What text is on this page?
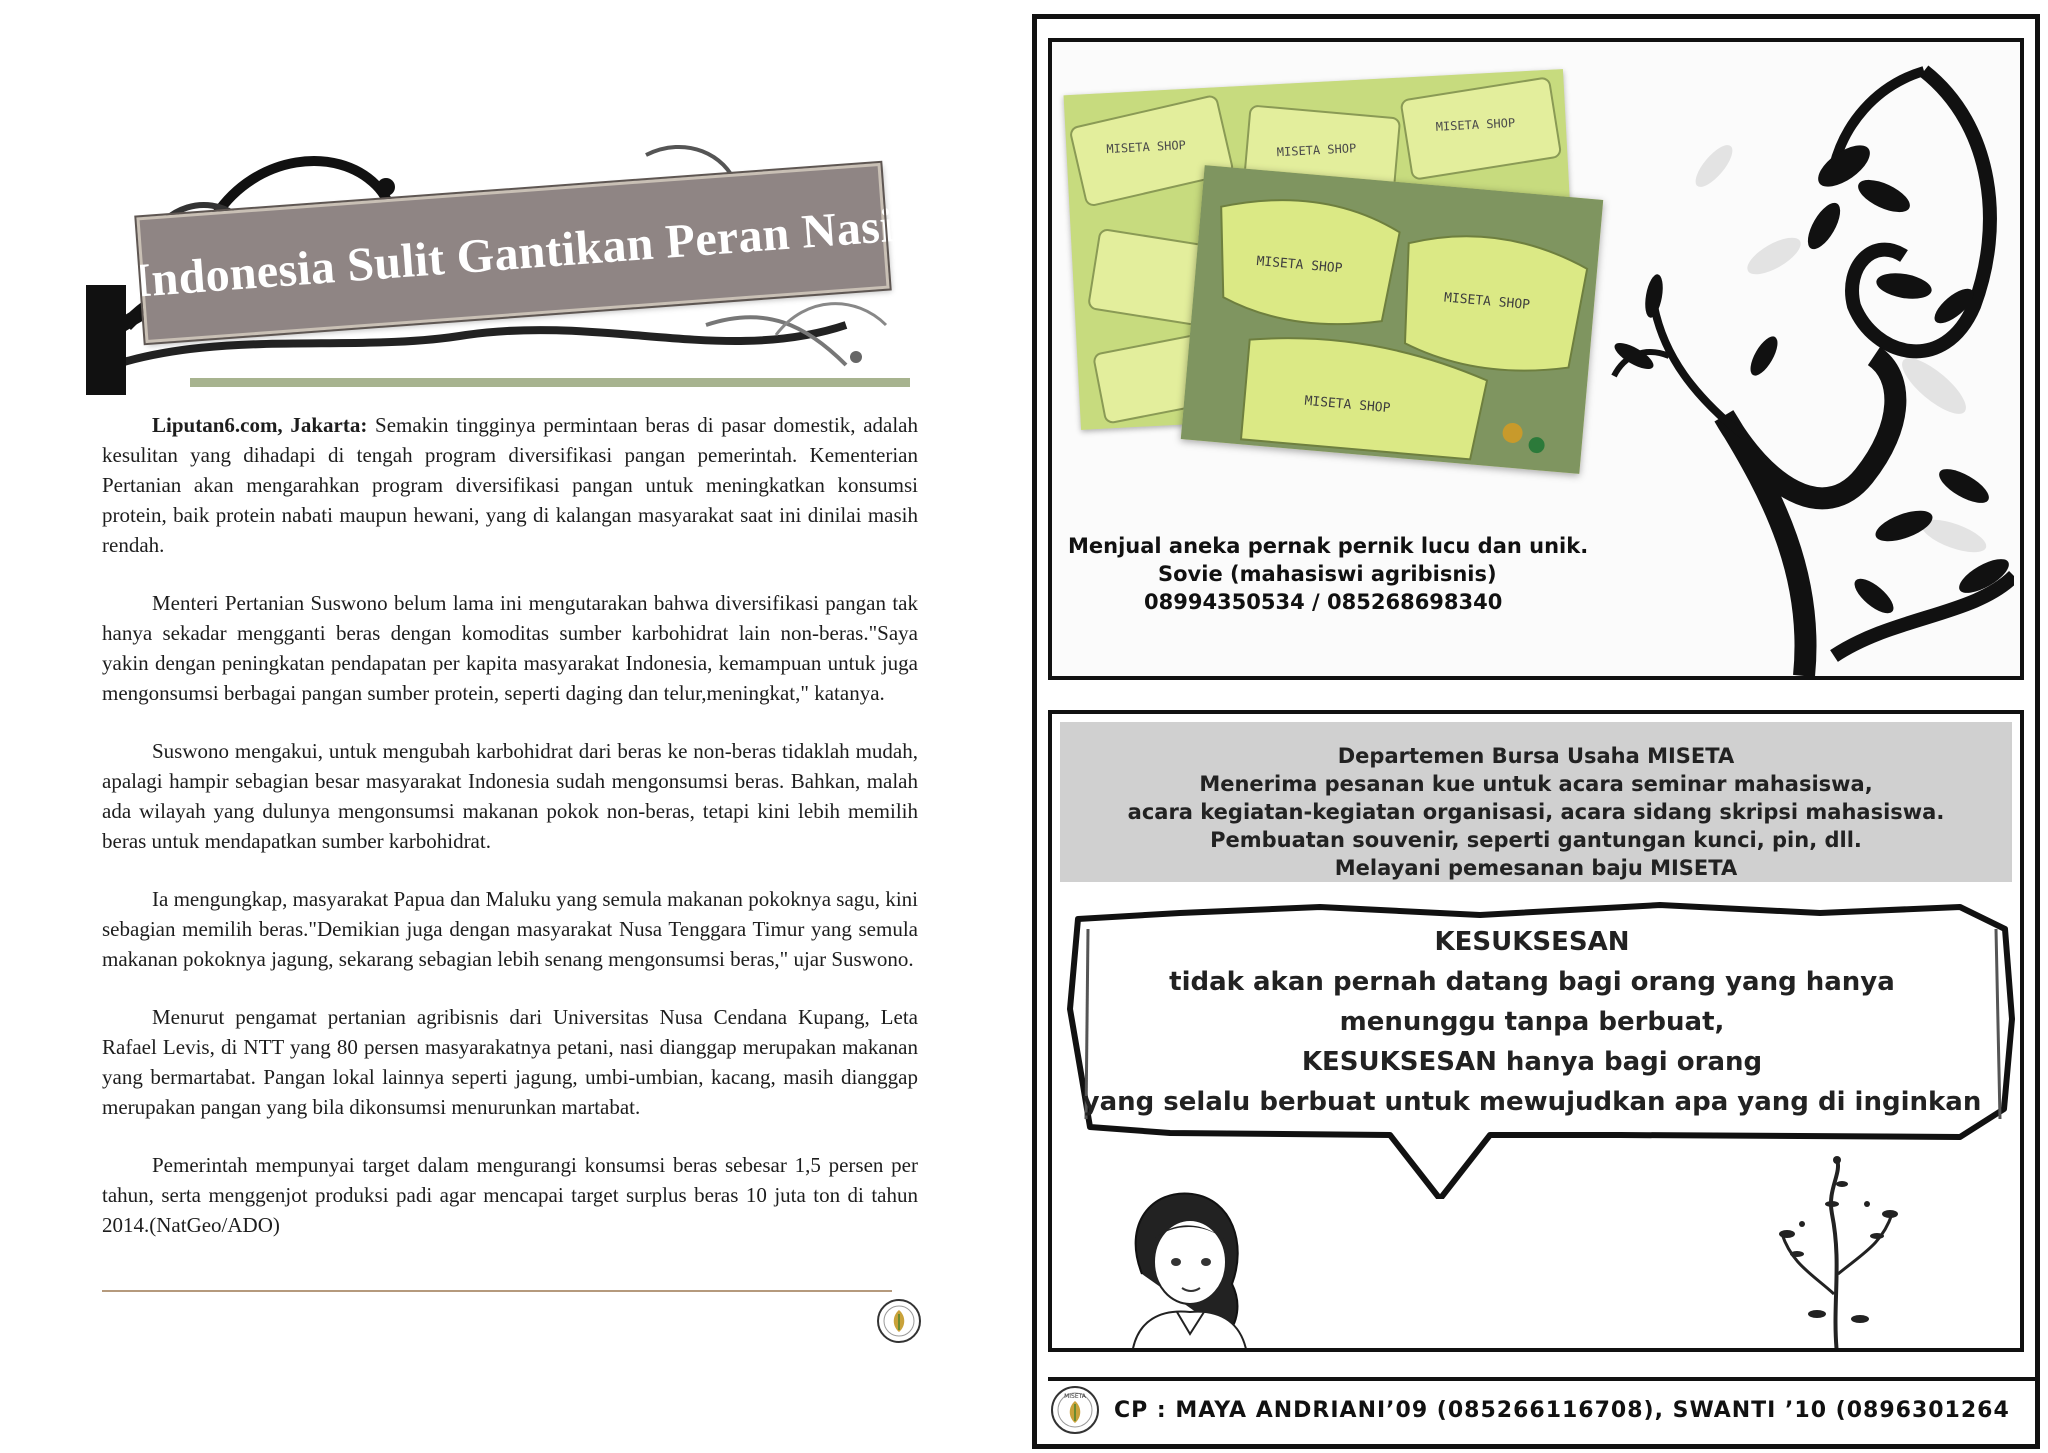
Indonesia Sulit Gantikan Peran Nasi

Liputan6.com, Jakarta: Semakin tingginya permintaan beras di pasar domestik, adalah kesulitan yang dihadapi di tengah program diversifikasi pangan pemerintah. Kementerian Pertanian akan mengarahkan program diversifikasi pangan untuk meningkatkan konsumsi protein, baik protein nabati maupun hewani, yang di kalangan masyarakat saat ini dinilai masih rendah.

Menteri Pertanian Suswono belum lama ini mengutarakan bahwa diversifikasi pangan tak hanya sekadar mengganti beras dengan komoditas sumber karbohidrat lain non-beras."Saya yakin dengan peningkatan pendapatan per kapita masyarakat Indonesia, kemampuan untuk juga mengonsumsi berbagai pangan sumber protein, seperti daging dan telur,meningkat," katanya.

Suswono mengakui, untuk mengubah karbohidrat dari beras ke non-beras tidaklah mudah, apalagi hampir sebagian besar masyarakat Indonesia sudah mengonsumsi beras. Bahkan, malah ada wilayah yang dulunya mengonsumsi makanan pokok non-beras, tetapi kini lebih memilih beras untuk mendapatkan sumber karbohidrat.

Ia mengungkap, masyarakat Papua dan Maluku yang semula makanan pokoknya sagu, kini sebagian memilih beras."Demikian juga dengan masyarakat Nusa Tenggara Timur yang semula makanan pokoknya jagung, sekarang sebagian lebih senang mengonsumsi beras," ujar Suswono.

Menurut pengamat pertanian agribisnis dari Universitas Nusa Cendana Kupang, Leta Rafael Levis, di NTT yang 80 persen masyarakatnya petani, nasi dianggap merupakan makanan yang bermartabat. Pangan lokal lainnya seperti jagung, umbi-umbian, kacang, masih dianggap merupakan pangan yang bila dikonsumsi menurunkan martabat.

Pemerintah mempunyai target dalam mengurangi konsumsi beras sebesar 1,5 persen per tahun, serta menggenjot produksi padi agar mencapai target surplus beras 10 juta ton di tahun 2014.(NatGeo/ADO)

MISETA SHOP	MISETA SHOP
MISETA SHOP
MISETA SHOP
MISETA SHOP
MISETA SHOP
Menjual aneka pernak pernik lucu dan unik.
Sovie (mahasiswi agribisnis)
08994350534 / 085268698340
Departemen Bursa Usaha MISETA
Menerima pesanan kue untuk acara seminar mahasiswa,
acara kegiatan-kegiatan organisasi, acara sidang skripsi mahasiswa.
Pembuatan souvenir, seperti gantungan kunci, pin, dll.
Melayani pemesanan baju MISETA
KESUKSESAN
tidak akan pernah datang bagi orang yang hanya
menunggu tanpa berbuat,
KESUKSESAN hanya bagi orang
yang selalu berbuat untuk mewujudkan apa yang di inginkan
MISETA
CP : MAYA ANDRIANI’09 (085266116708), SWANTI ’10 (0896301264
